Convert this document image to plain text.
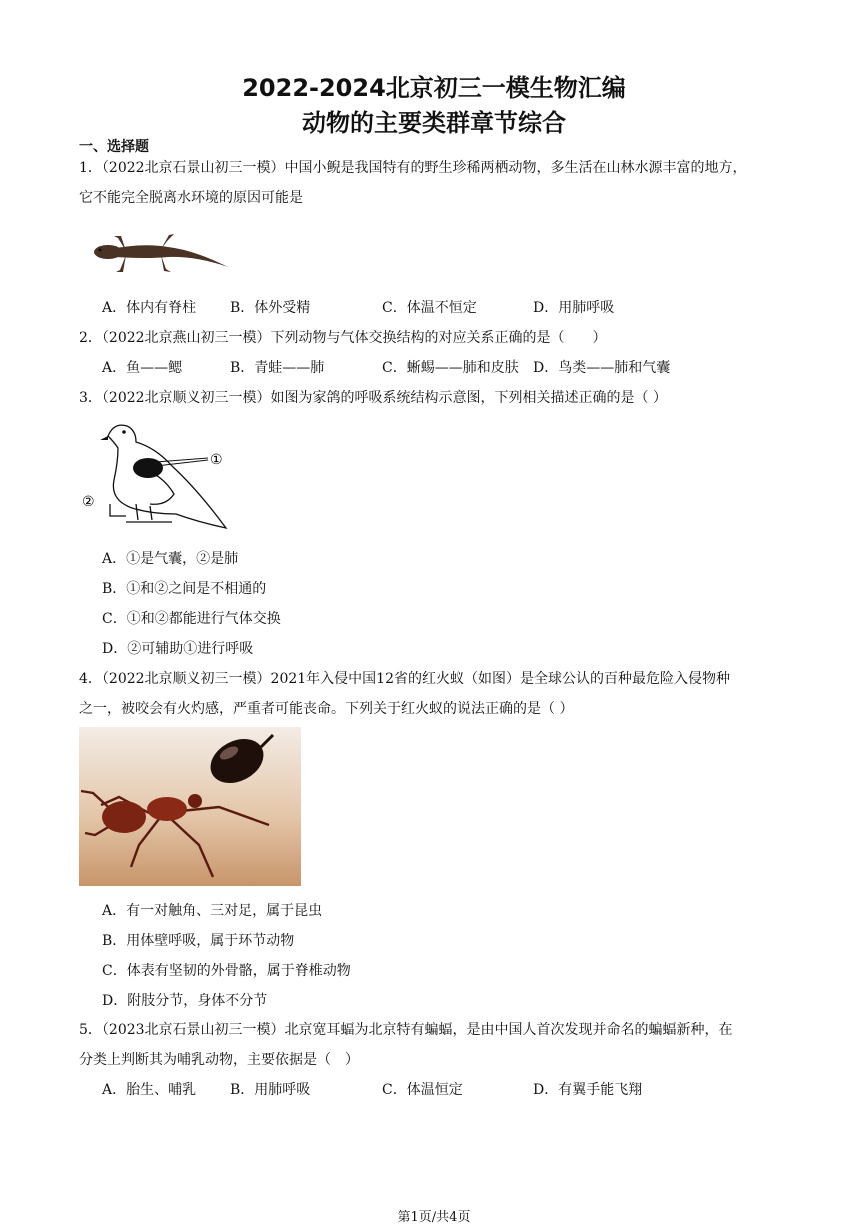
2022-2024北京初三一模生物汇编
动物的主要类群章节综合
一、选择题
1．（2022北京石景山初三一模）中国小鲵是我国特有的野生珍稀两栖动物，多生活在山林水源丰富的地方，
它不能完全脱离水环境的原因可能是
A．体内有脊柱 B．体外受精	C．体温不恒定	D．用肺呼吸
2．（2022北京燕山初三一模）下列动物与气体交换结构的对应关系正确的是（　　）
A．鱼——鳃	B．青蛙——肺	C．蜥蜴——肺和皮肤 D．鸟类——肺和气囊
3．（2022北京顺义初三一模）如图为家鸽的呼吸系统结构示意图，下列相关描述正确的是（ ）
①
②
A．①是气囊，②是肺
B．①和②之间是不相通的
C．①和②都能进行气体交换
D．②可辅助①进行呼吸
4．（2022北京顺义初三一模）2021年入侵中国12省的红火蚁（如图）是全球公认的百种最危险入侵物种
之一，被咬会有火灼感，严重者可能丧命。下列关于红火蚁的说法正确的是（ ）
A．有一对触角、三对足，属于昆虫
B．用体壁呼吸，属于环节动物
C．体表有坚韧的外骨骼，属于脊椎动物
D．附肢分节，身体不分节
5．（2023北京石景山初三一模）北京宽耳蝠为北京特有蝙蝠，是由中国人首次发现并命名的蝙蝠新种，在
分类上判断其为哺乳动物，主要依据是（　）
A．胎生、哺乳 B．用肺呼吸	C．体温恒定	D．有翼手能飞翔
第1页/共4页
